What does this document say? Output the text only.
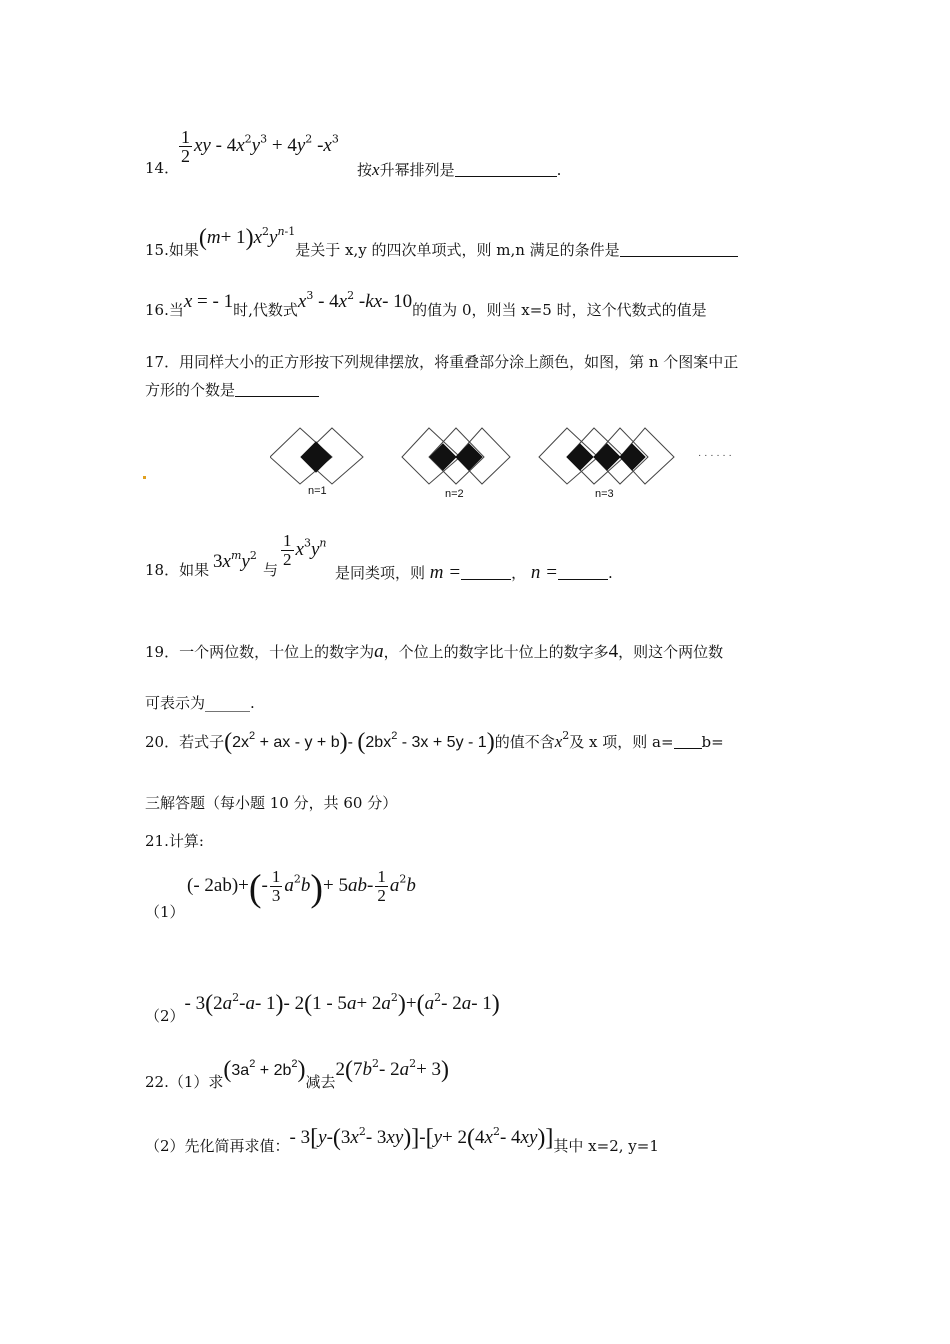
14．
$\frac{1}{2}$ xy - $4x^2y^3 + 4y^2$ $-x^3$
按x升幂排列是	.
15.如果$(m+ 1)x^2y^{n-1}$是关于 x,y 的四次单项式，则 m,n 满足的条件是
16.当x = - 1时,代数式$x^3 - 4x^2$ -kx- 10的值为 0，则当 x=5 时，这个代数式的值是
17．用同样大小的正方形按下列规律摆放，将重叠部分涂上颜色，如图，第 n 个图案中正
方形的个数是
n=1	n=2	n=3
· · · · · ·
18．如果 $3x^my^2$
与
$\frac{1}{2} x^3y^n$
是同类项，则 m =	， n =	.
19．一个两位数，十位上的数字为a，个位上的数字比十位上的数字多4，则这个两位数
可表示为______.
20．若式子($2x^2$ + ax - y + b)- $(2bx^2 - 3x + 5y - 1)$的值不含$x^2$及 x 项，则 a= b=
三解答题（每小题 10 分，共 60 分）
21.计算:
（1）
(- $2ab)+(- \frac{1}{3} a^2b)+ 5ab- \frac{1}{2} a^2b$
（2）- $3(2a^2-a-$ 1)- $2(1 - 5a+ 2a^2)+(a^2-$ 2a- 1)
22.（1）求$(3a^2 + 2b^2)$减去$2(7b^2-$ $2a^2+ 3$)
（2）先化简再求值：- $3[y-(3x^2-$ $3xy)]-[y+ 2(4x^2-$ 4xy)]其中 x=2, y=1
